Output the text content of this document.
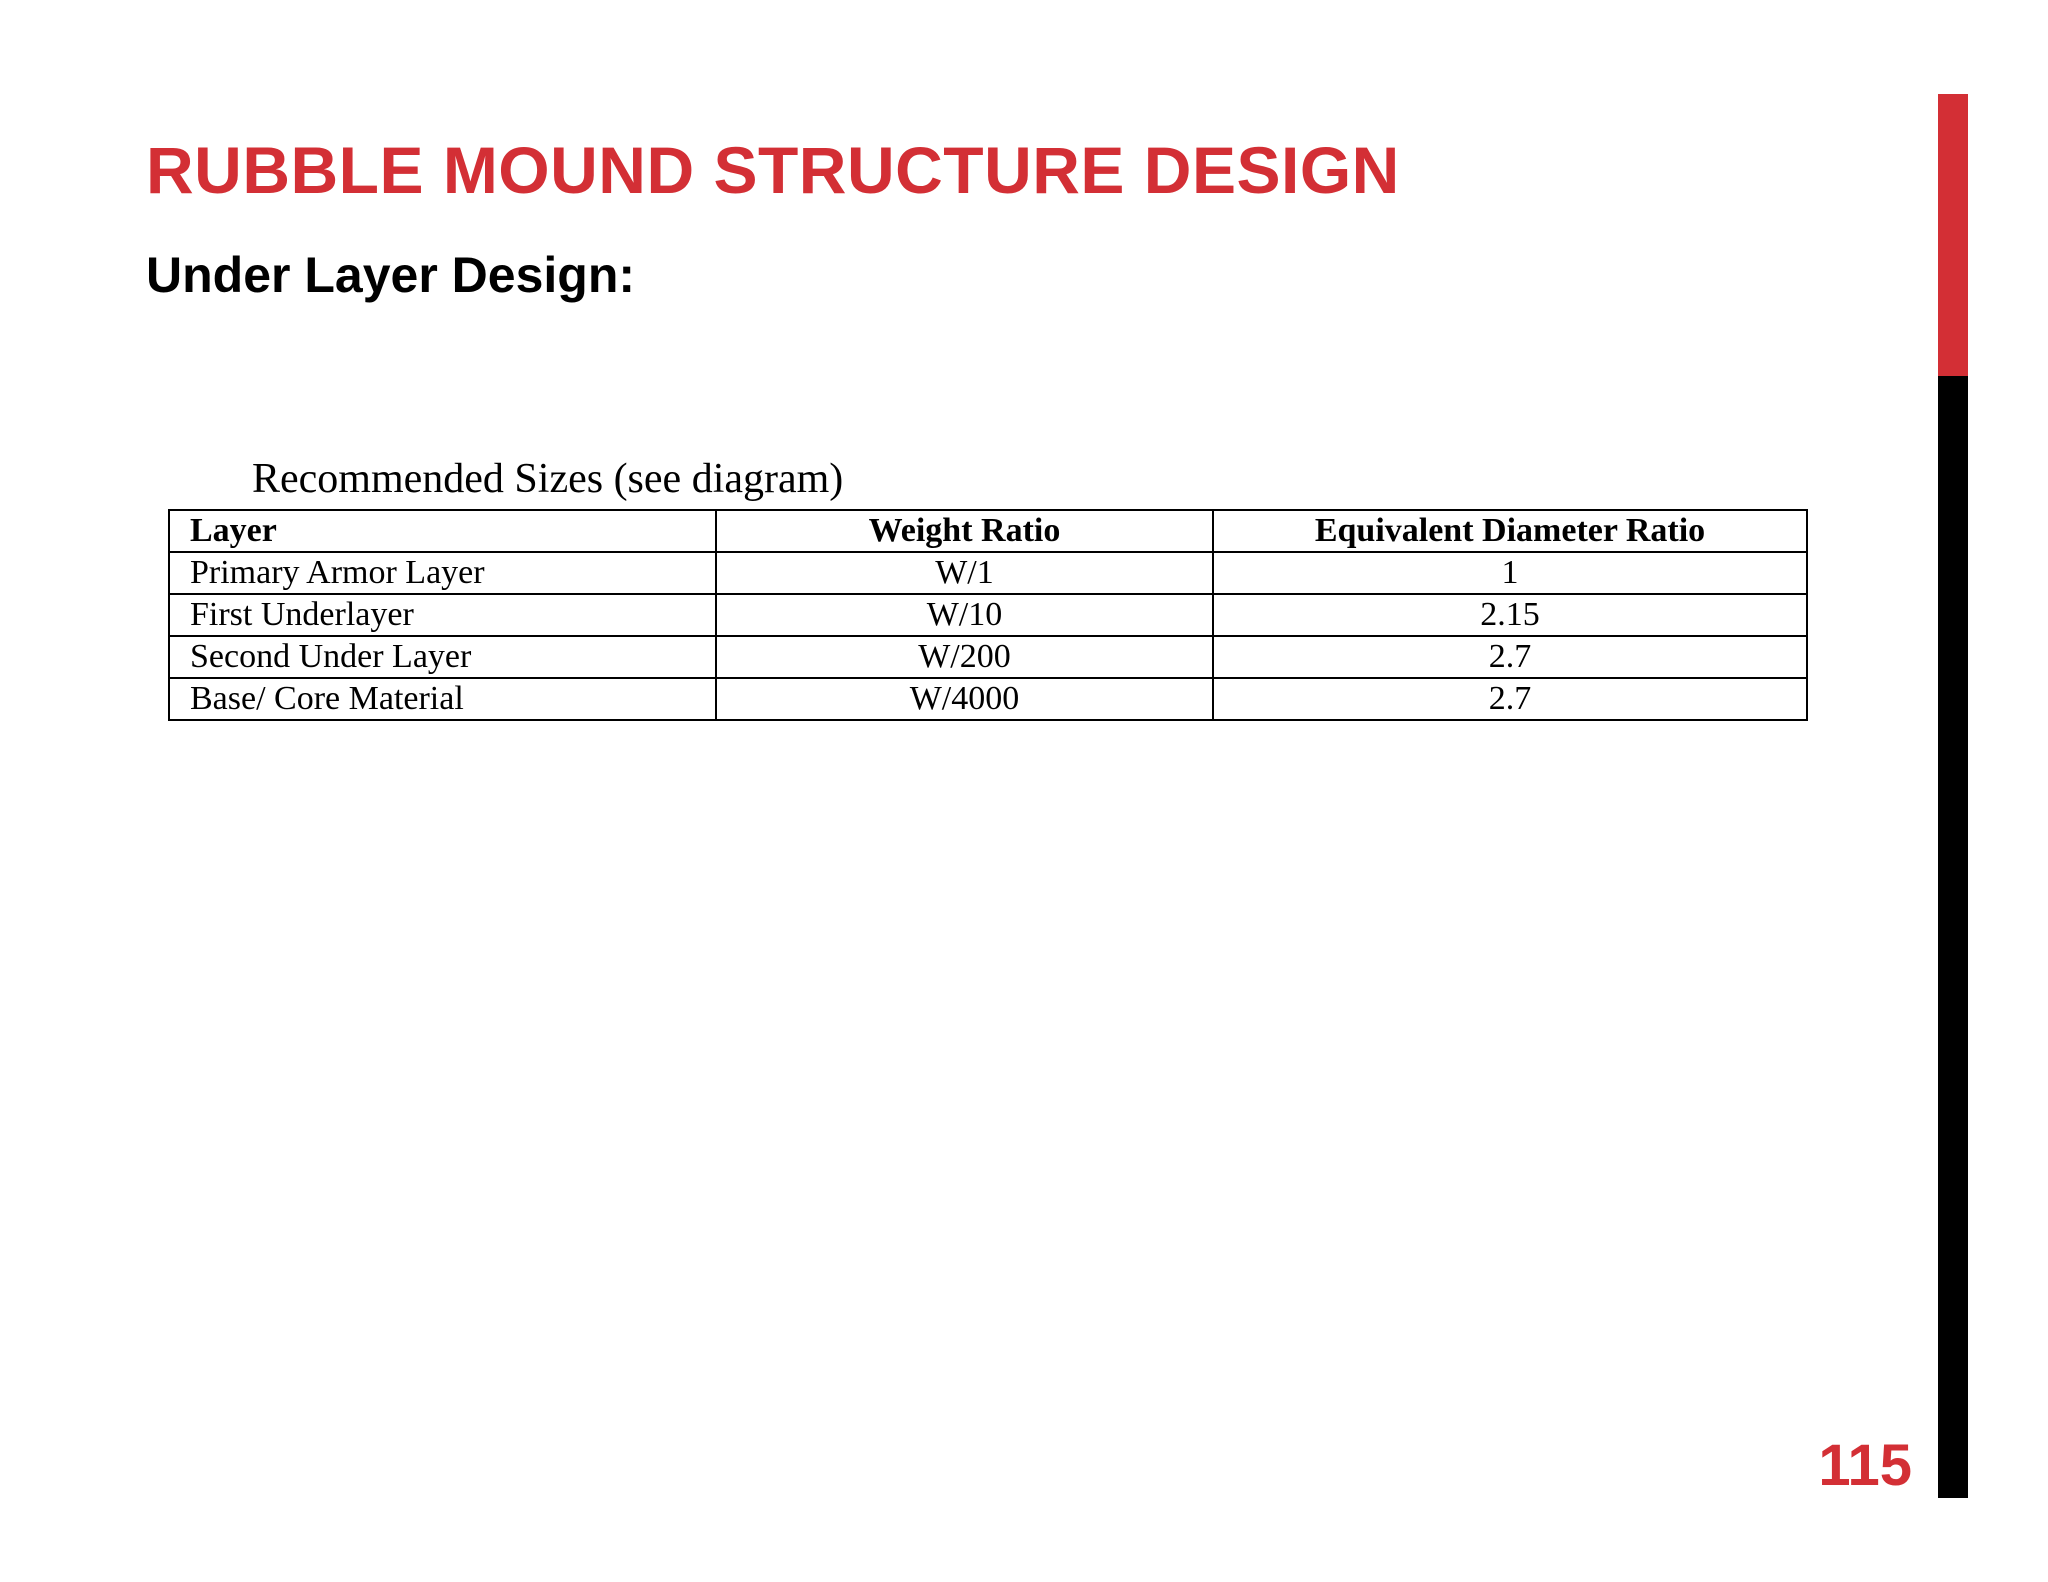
RUBBLE MOUND STRUCTURE DESIGN
Under Layer Design:

Recommended Sizes (see diagram)

Layer	Weight Ratio	Equivalent Diameter Ratio
Primary Armor Layer	W/1	1
First Underlayer	W/10	2.15
Second Under Layer	W/200	2.7
Base/ Core Material	W/4000	2.7

115
